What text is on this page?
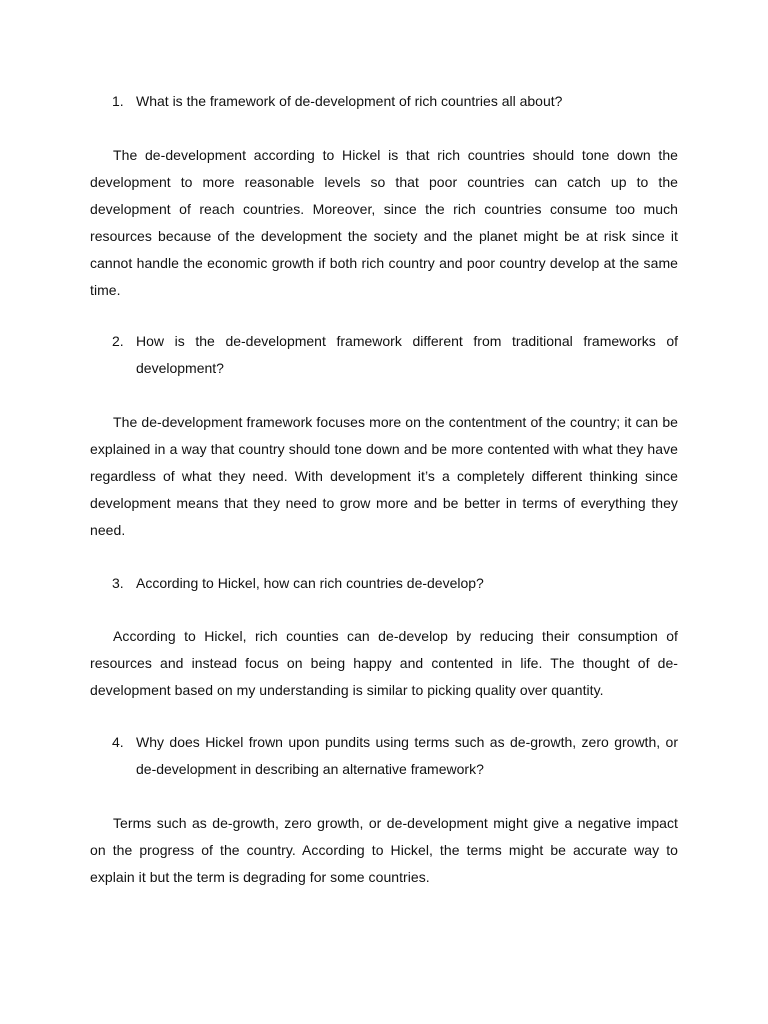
1. What is the framework of de-development of rich countries all about?
The de-development according to Hickel is that rich countries should tone down the development to more reasonable levels so that poor countries can catch up to the development of reach countries. Moreover, since the rich countries consume too much resources because of the development the society and the planet might be at risk since it cannot handle the economic growth if both rich country and poor country develop at the same time.
2. How is the de-development framework different from traditional frameworks of development?
The de-development framework focuses more on the contentment of the country; it can be explained in a way that country should tone down and be more contented with what they have regardless of what they need. With development it’s a completely different thinking since development means that they need to grow more and be better in terms of everything they need.
3. According to Hickel, how can rich countries de-develop?
According to Hickel, rich counties can de-develop by reducing their consumption of resources and instead focus on being happy and contented in life. The thought of de-development based on my understanding is similar to picking quality over quantity.
4. Why does Hickel frown upon pundits using terms such as de-growth, zero growth, or de-development in describing an alternative framework?
Terms such as de-growth, zero growth, or de-development might give a negative impact on the progress of the country. According to Hickel, the terms might be accurate way to explain it but the term is degrading for some countries.
